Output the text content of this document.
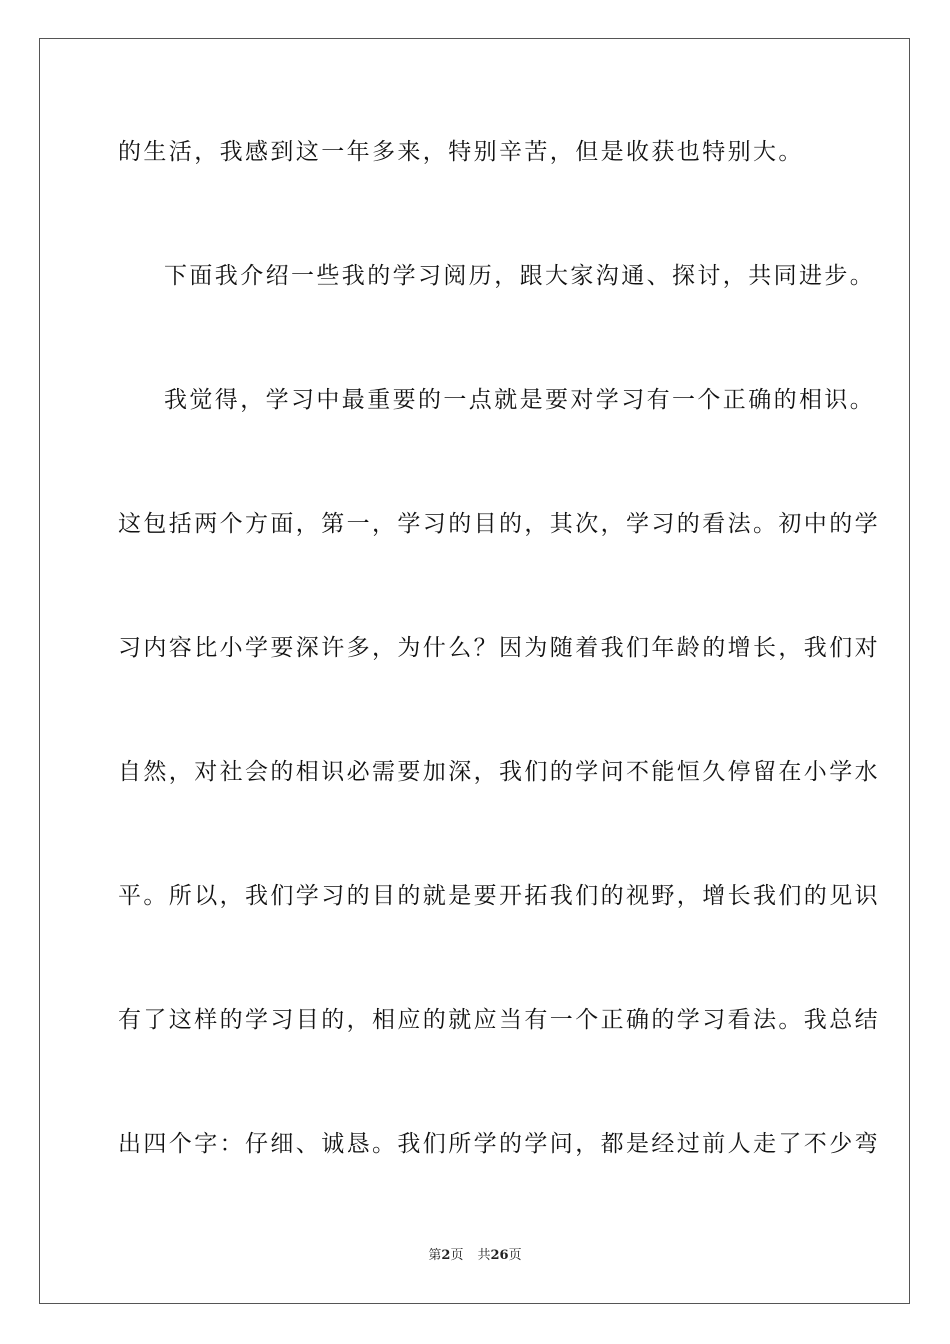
的生活，我感到这一年多来，特别辛苦，但是收获也特别大。

下面我介绍一些我的学习阅历，跟大家沟通、探讨，共同进步。

我觉得，学习中最重要的一点就是要对学习有一个正确的相识。

这包括两个方面，第一，学习的目的，其次，学习的看法。初中的学

习内容比小学要深许多，为什么？因为随着我们年龄的增长，我们对

自然，对社会的相识必需要加深，我们的学问不能恒久停留在小学水

平。所以，我们学习的目的就是要开拓我们的视野，增长我们的见识

有了这样的学习目的，相应的就应当有一个正确的学习看法。我总结

出四个字：仔细、诚恳。我们所学的学问，都是经过前人走了不少弯

第2页 共26页
